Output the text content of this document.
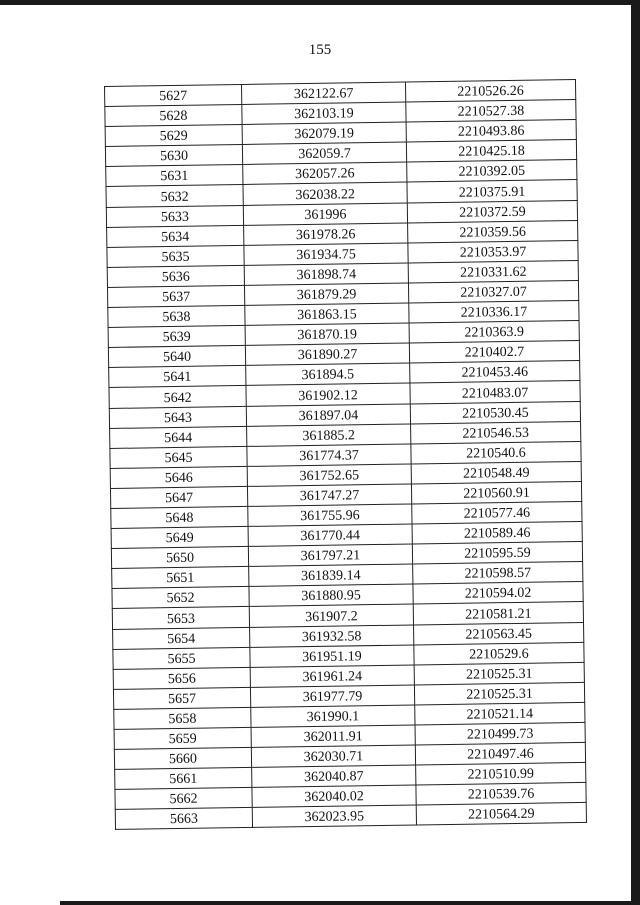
155
5627	362122.67	2210526.26
5628	362103.19	2210527.38
5629	362079.19	2210493.86
5630	362059.7	2210425.18
5631	362057.26	2210392.05
5632	362038.22	2210375.91
5633	361996	2210372.59
5634	361978.26	2210359.56
5635	361934.75	2210353.97
5636	361898.74	2210331.62
5637	361879.29	2210327.07
5638	361863.15	2210336.17
5639	361870.19	2210363.9
5640	361890.27	2210402.7
5641	361894.5	2210453.46
5642	361902.12	2210483.07
5643	361897.04	2210530.45
5644	361885.2	2210546.53
5645	361774.37	2210540.6
5646	361752.65	2210548.49
5647	361747.27	2210560.91
5648	361755.96	2210577.46
5649	361770.44	2210589.46
5650	361797.21	2210595.59
5651	361839.14	2210598.57
5652	361880.95	2210594.02
5653	361907.2	2210581.21
5654	361932.58	2210563.45
5655	361951.19	2210529.6
5656	361961.24	2210525.31
5657	361977.79	2210525.31
5658	361990.1	2210521.14
5659	362011.91	2210499.73
5660	362030.71	2210497.46
5661	362040.87	2210510.99
5662	362040.02	2210539.76
5663	362023.95	2210564.29
